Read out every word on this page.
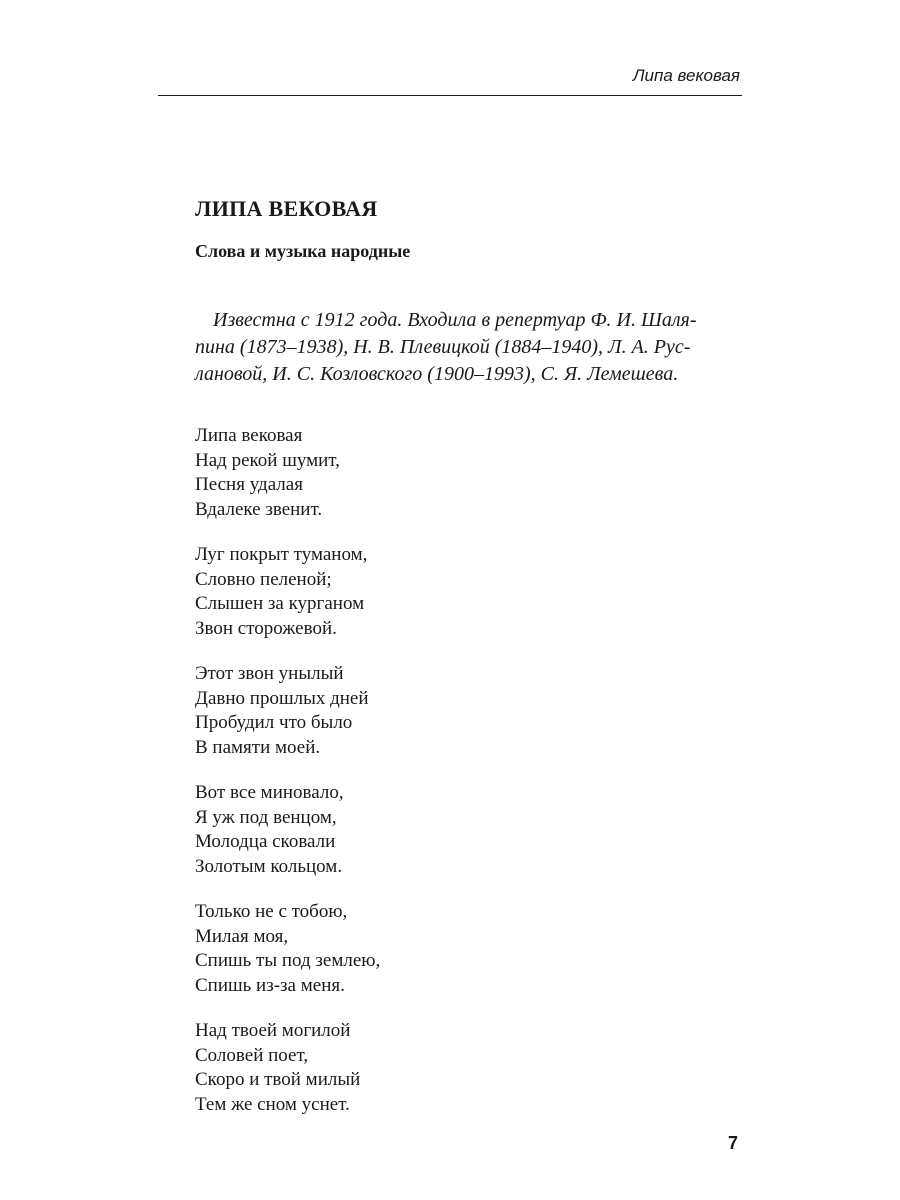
Липа вековая
ЛИПА ВЕКОВАЯ
Слова и музыка народные
Известна с 1912 года. Входила в репертуар Ф. И. Шаля-
пина (1873–1938), Н. В. Плевицкой (1884–1940), Л. А. Рус-
лановой, И. С. Козловского (1900–1993), С. Я. Лемешева.
Липа вековая
Над рекой шумит,
Песня удалая
Вдалеке звенит.
Луг покрыт туманом,
Словно пеленой;
Слышен за курганом
Звон сторожевой.
Этот звон унылый
Давно прошлых дней
Пробудил что было
В памяти моей.
Вот все миновало,
Я уж под венцом,
Молодца сковали
Золотым кольцом.
Только не с тобою,
Милая моя,
Спишь ты под землею,
Спишь из-за меня.
Над твоей могилой
Соловей поет,
Скоро и твой милый
Тем же сном уснет.
7
